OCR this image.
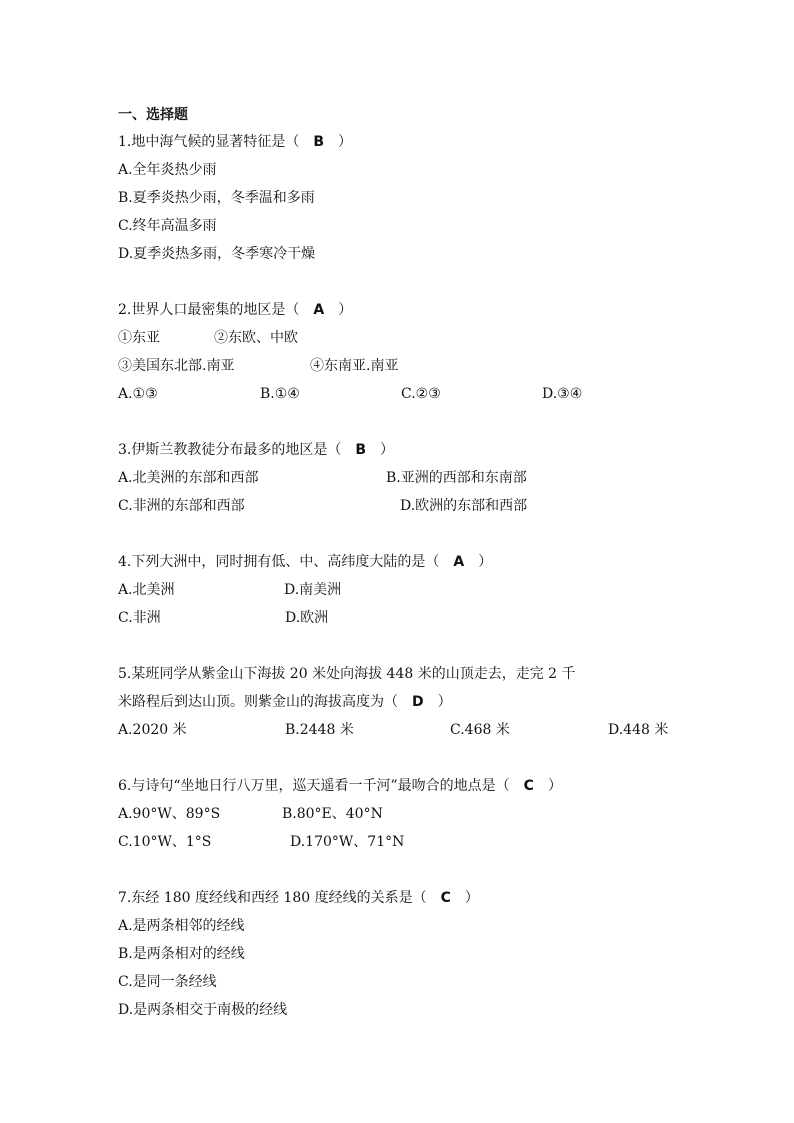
一、选择题
1.地中海气候的显著特征是（ B ）
A.全年炎热少雨
B.夏季炎热少雨，冬季温和多雨
C.终年高温多雨
D.夏季炎热多雨，冬季寒冷干燥
2.世界人口最密集的地区是（ A ）
①东亚	②东欧、中欧
③美国东北部.南亚	④东南亚.南亚
A.①③	B.①④	C.②③	D.③④
3.伊斯兰教教徒分布最多的地区是（ B ）
A.北美洲的东部和西部	B.亚洲的西部和东南部
C.非洲的东部和西部	D.欧洲的东部和西部
4.下列大洲中，同时拥有低、中、高纬度大陆的是（ A ）
A.北美洲	D.南美洲
C.非洲	D.欧洲
5.某班同学从紫金山下海拔 20 米处向海拔 448 米的山顶走去，走完 2 千
米路程后到达山顶。则紫金山的海拔高度为（ D ）
A.2020 米	B.2448 米	C.468 米	D.448 米
6.与诗句“坐地日行八万里，巡天遥看一千河”最吻合的地点是（ C ）
A.90°W、89°S	B.80°E、40°N
C.10°W、1°S	D.170°W、71°N
7.东经 180 度经线和西经 180 度经线的关系是（ C ）
A.是两条相邻的经线
B.是两条相对的经线
C.是同一条经线
D.是两条相交于南极的经线
